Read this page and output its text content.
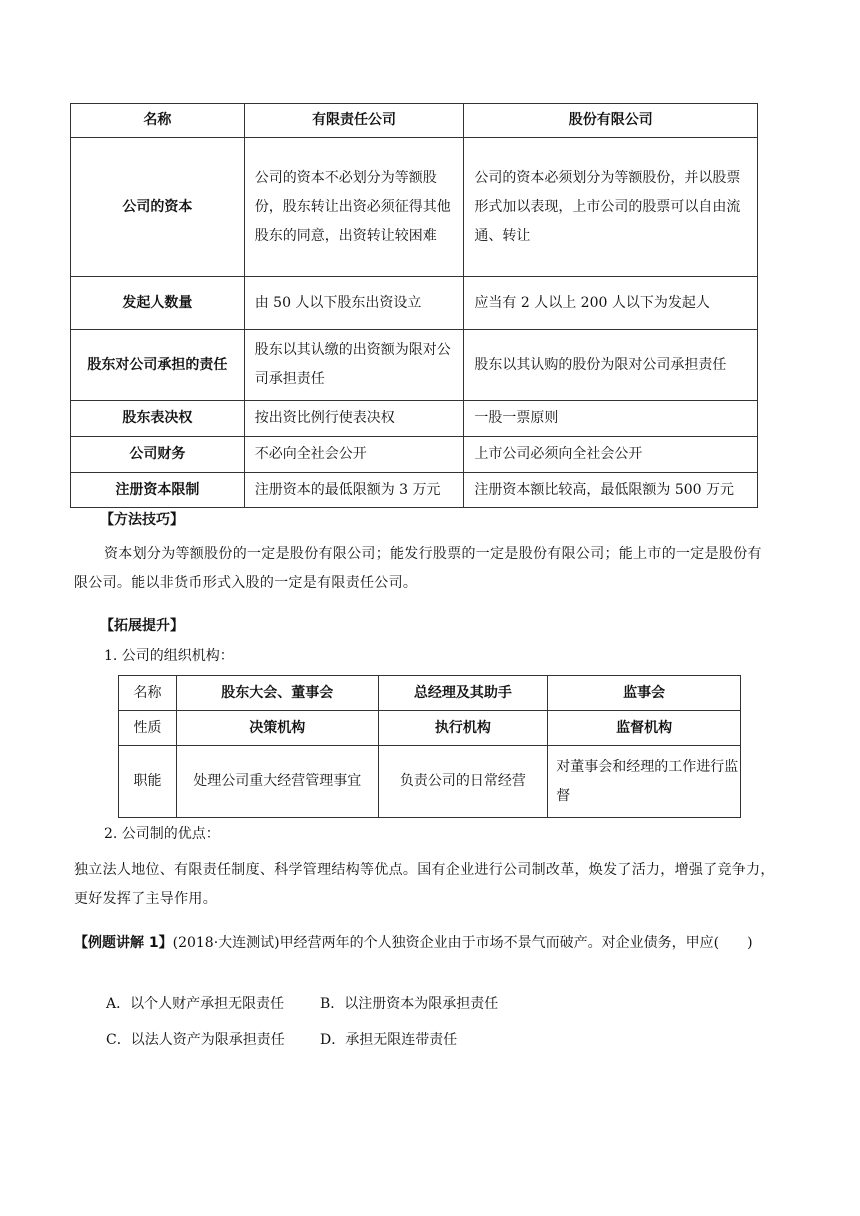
名称	有限责任公司	股份有限公司
公司的资本	公司的资本不必划分为等额股份，股东转让出资必须征得其他股东的同意，出资转让较困难	公司的资本必须划分为等额股份，并以股票形式加以表现，上市公司的股票可以自由流通、转让
发起人数量	由 50 人以下股东出资设立	应当有 2 人以上 200 人以下为发起人
股东对公司承担的责任	股东以其认缴的出资额为限对公司承担责任	股东以其认购的股份为限对公司承担责任
股东表决权	按出资比例行使表决权	一股一票原则
公司财务	不必向全社会公开	上市公司必须向全社会公开
注册资本限制	注册资本的最低限额为 3 万元	注册资本额比较高，最低限额为 500 万元

【方法技巧】

资本划分为等额股份的一定是股份有限公司；能发行股票的一定是股份有限公司；能上市的一定是股份有限公司。能以非货币形式入股的一定是有限责任公司。

【拓展提升】

1. 公司的组织机构：

名称	股东大会、董事会	总经理及其助手	监事会
性质	决策机构	执行机构	监督机构
职能	处理公司重大经营管理事宜	负责公司的日常经营	对董事会和经理的工作进行监督

2. 公司制的优点：

独立法人地位、有限责任制度、科学管理结构等优点。国有企业进行公司制改革，焕发了活力，增强了竞争力，更好发挥了主导作用。

【例题讲解 1】(2018·大连测试)甲经营两年的个人独资企业由于市场不景气而破产。对企业债务，甲应(　　)

A．以个人财产承担无限责任	B．以注册资本为限承担责任

C．以法人资产为限承担责任	D．承担无限连带责任
